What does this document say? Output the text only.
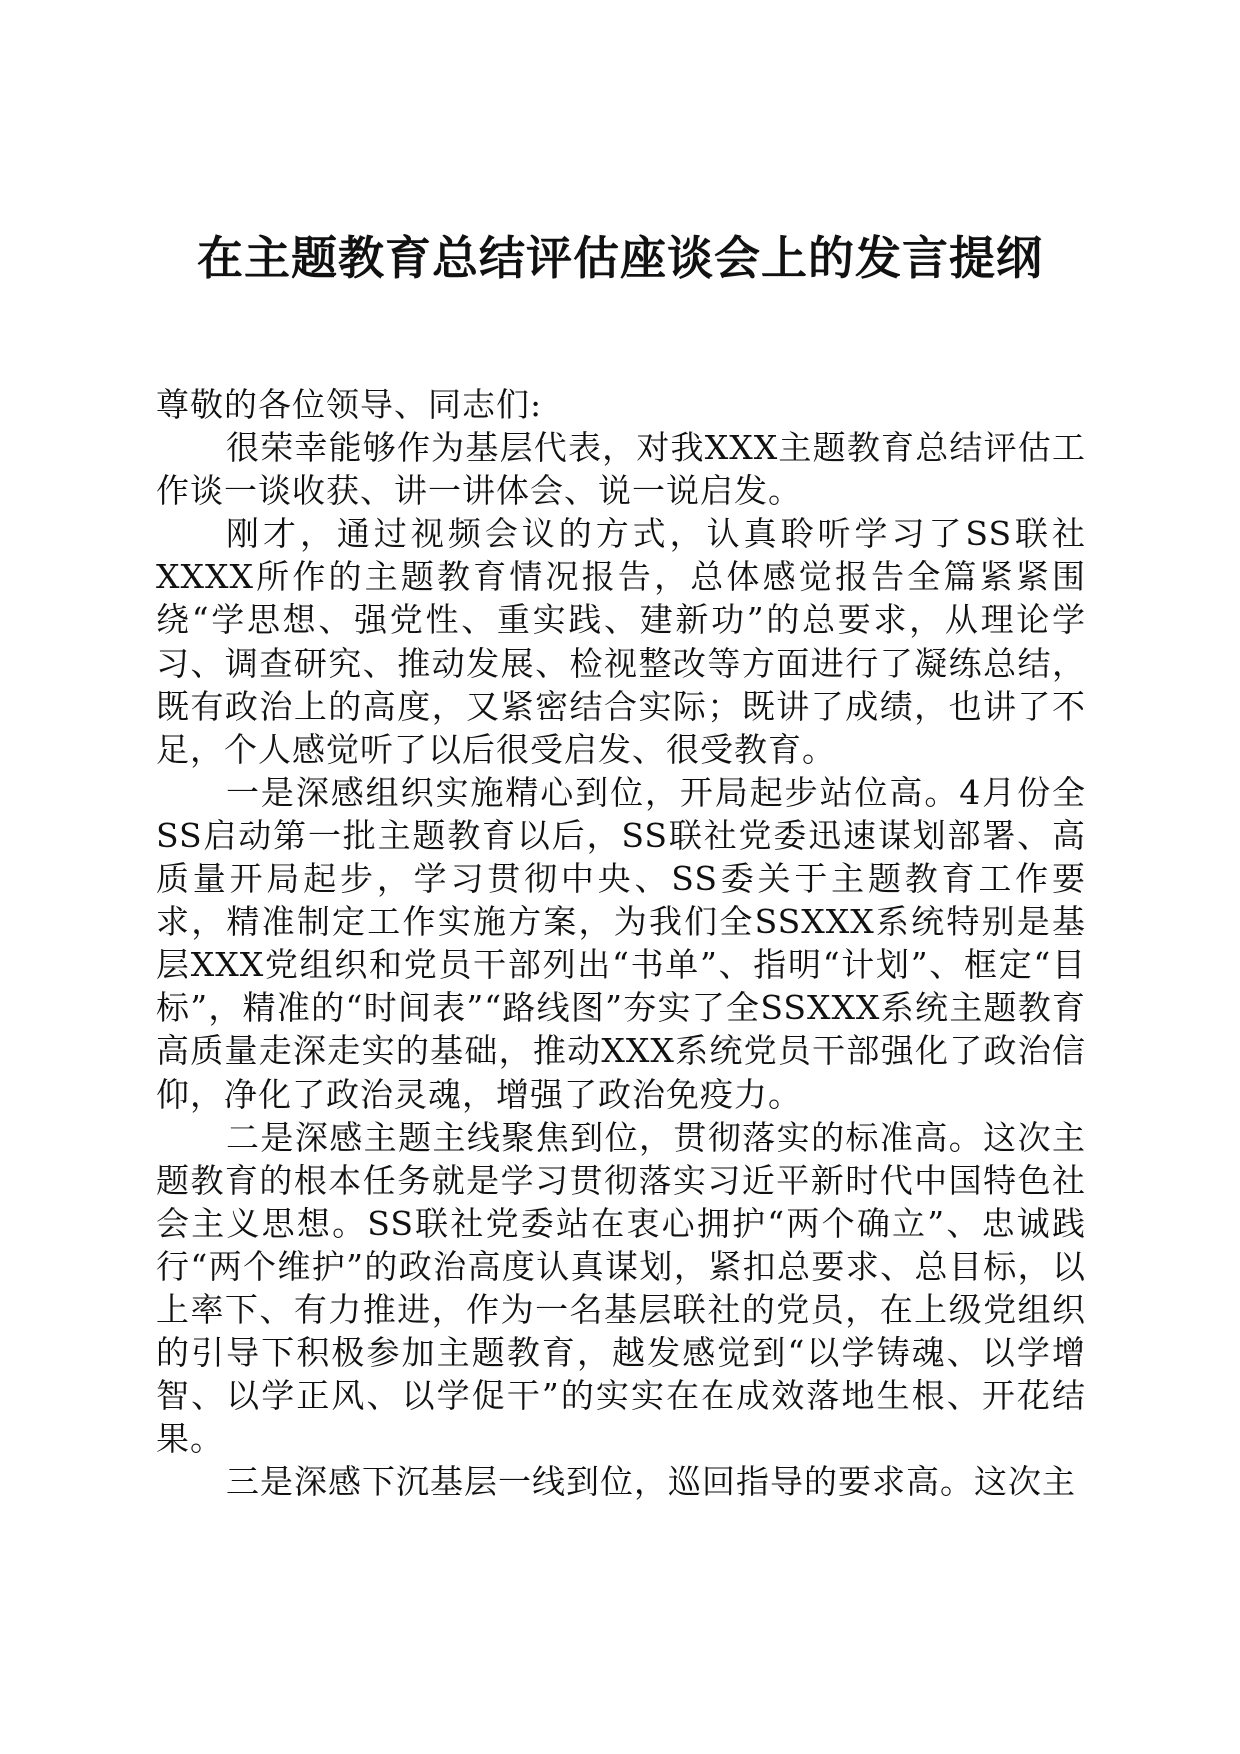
在主题教育总结评估座谈会上的发言提纲

尊敬的各位领导、同志们:

很荣幸能够作为基层代表，对我XXX主题教育总结评估工作谈一谈收获、讲一讲体会、说一说启发。

刚才，通过视频会议的方式，认真聆听学习了SS联社XXXX所作的主题教育情况报告，总体感觉报告全篇紧紧围绕“学思想、强党性、重实践、建新功”的总要求，从理论学习、调查研究、推动发展、检视整改等方面进行了凝练总结，既有政治上的高度，又紧密结合实际；既讲了成绩，也讲了不足，个人感觉听了以后很受启发、很受教育。

一是深感组织实施精心到位，开局起步站位高。4月份全SS启动第一批主题教育以后，SS联社党委迅速谋划部署、高质量开局起步，学习贯彻中央、SS委关于主题教育工作要求，精准制定工作实施方案，为我们全SSXXX系统特别是基层XXX党组织和党员干部列出“书单”、指明“计划”、框定“目标”，精准的“时间表”“路线图”夯实了全SSXXX系统主题教育高质量走深走实的基础，推动XXX系统党员干部强化了政治信仰，净化了政治灵魂，增强了政治免疫力。

二是深感主题主线聚焦到位，贯彻落实的标准高。这次主题教育的根本任务就是学习贯彻落实习近平新时代中国特色社会主义思想。SS联社党委站在衷心拥护“两个确立”、忠诚践行“两个维护”的政治高度认真谋划，紧扣总要求、总目标，以上率下、有力推进，作为一名基层联社的党员，在上级党组织的引导下积极参加主题教育，越发感觉到“以学铸魂、以学增智、以学正风、以学促干”的实实在在成效落地生根、开花结果。

三是深感下沉基层一线到位，巡回指导的要求高。这次主
